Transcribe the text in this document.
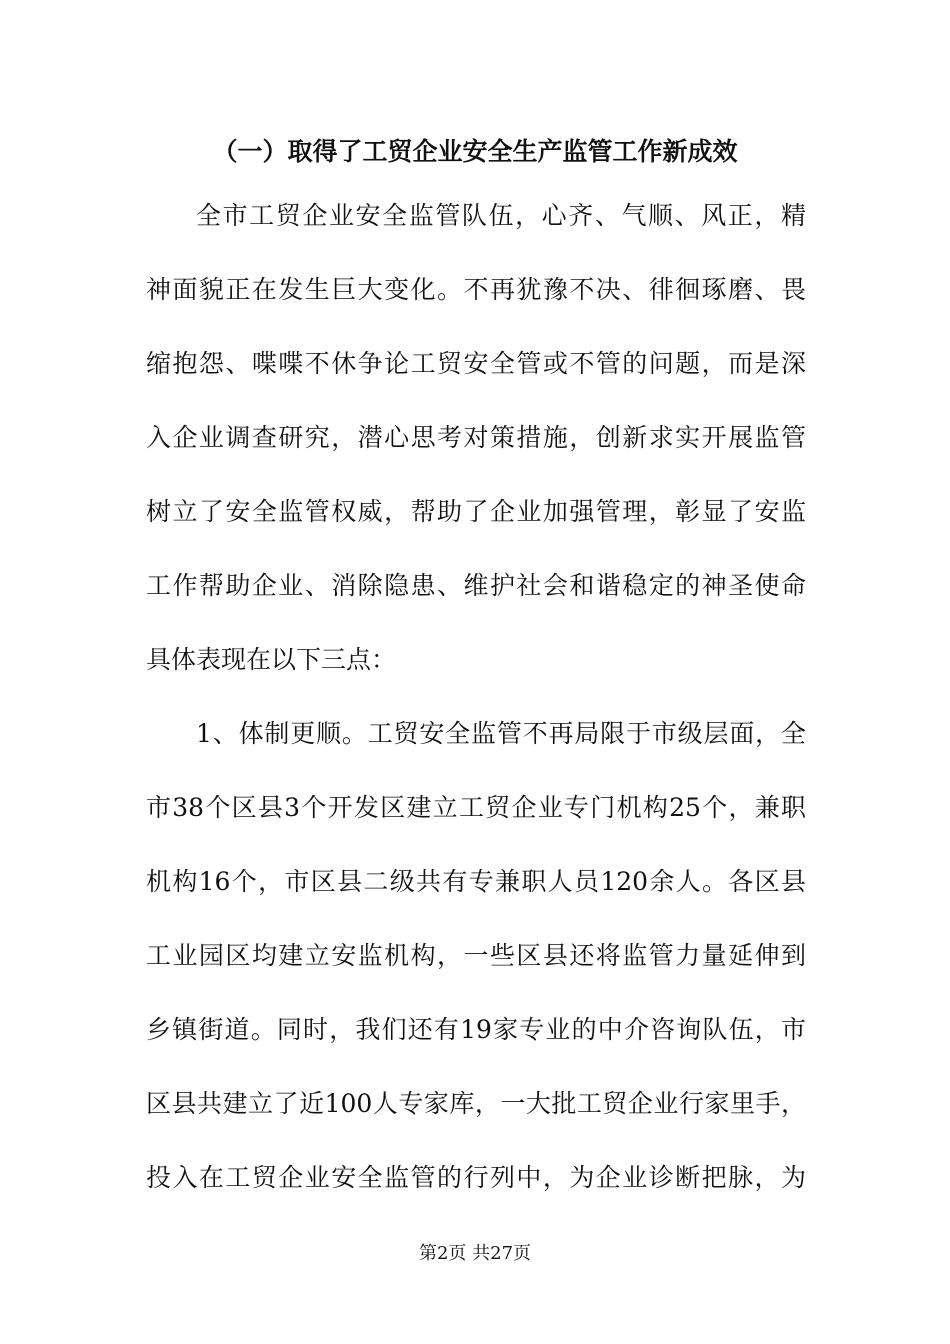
（一）取得了工贸企业安全生产监管工作新成效
全市工贸企业安全监管队伍，心齐、气顺、风正，精
神面貌正在发生巨大变化。不再犹豫不决、徘徊琢磨、畏
缩抱怨、喋喋不休争论工贸安全管或不管的问题，而是深
入企业调查研究，潜心思考对策措施，创新求实开展监管
树立了安全监管权威，帮助了企业加强管理，彰显了安监
工作帮助企业、消除隐患、维护社会和谐稳定的神圣使命
具体表现在以下三点：
1、体制更顺。工贸安全监管不再局限于市级层面，全
市38个区县3个开发区建立工贸企业专门机构25个，兼职
机构16个，市区县二级共有专兼职人员120余人。各区县
工业园区均建立安监机构，一些区县还将监管力量延伸到
乡镇街道。同时，我们还有19家专业的中介咨询队伍，市
区县共建立了近100人专家库，一大批工贸企业行家里手，
投入在工贸企业安全监管的行列中，为企业诊断把脉，为
第2页 共27页
